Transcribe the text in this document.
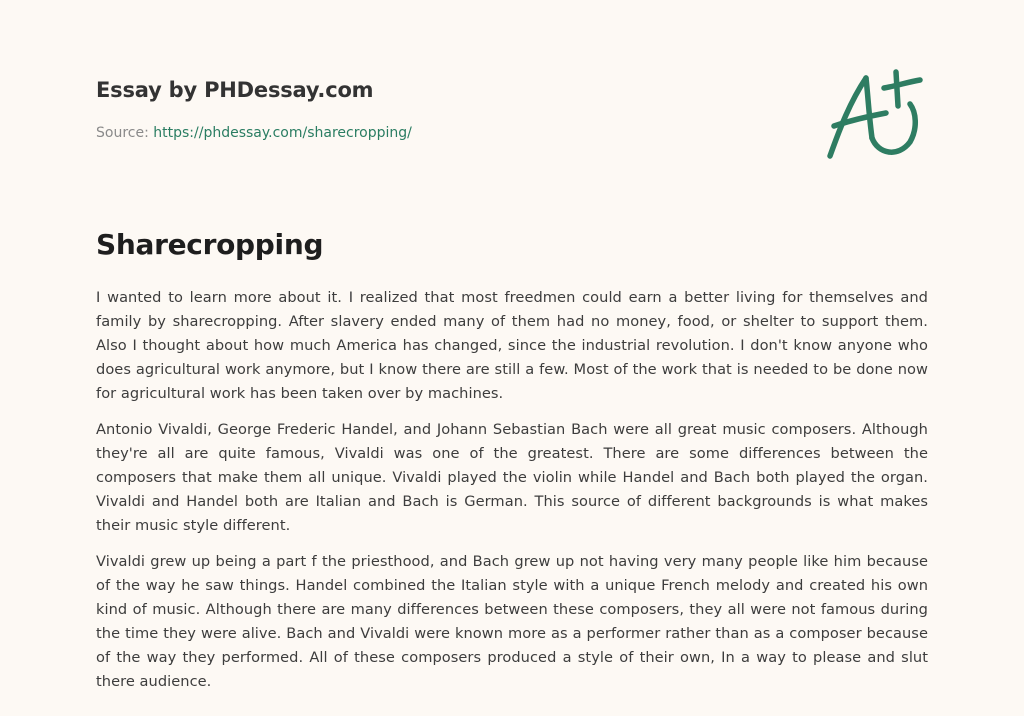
Essay by PHDessay.com
Source: https://phdessay.com/sharecropping/
Sharecropping

I wanted to learn more about it. I realized that most freedmen could earn a better living for themselves and family by sharecropping. After slavery ended many of them had no money, food, or shelter to support them. Also I thought about how much America has changed, since the industrial revolution. I don't know anyone who does agricultural work anymore, but I know there are still a few. Most of the work that is needed to be done now for agricultural work has been taken over by machines.

Antonio Vivaldi, George Frederic Handel, and Johann Sebastian Bach were all great music composers. Although they're all are quite famous, Vivaldi was one of the greatest. There are some differences between the composers that make them all unique. Vivaldi played the violin while Handel and Bach both played the organ. Vivaldi and Handel both are Italian and Bach is German. This source of different backgrounds is what makes their music style different.

Vivaldi grew up being a part f the priesthood, and Bach grew up not having very many people like him because of the way he saw things. Handel combined the Italian style with a unique French melody and created his own kind of music. Although there are many differences between these composers, they all were not famous during the time they were alive. Bach and Vivaldi were known more as a performer rather than as a composer because of the way they performed. All of these composers produced a style of their own, In a way to please and slut there audience.
